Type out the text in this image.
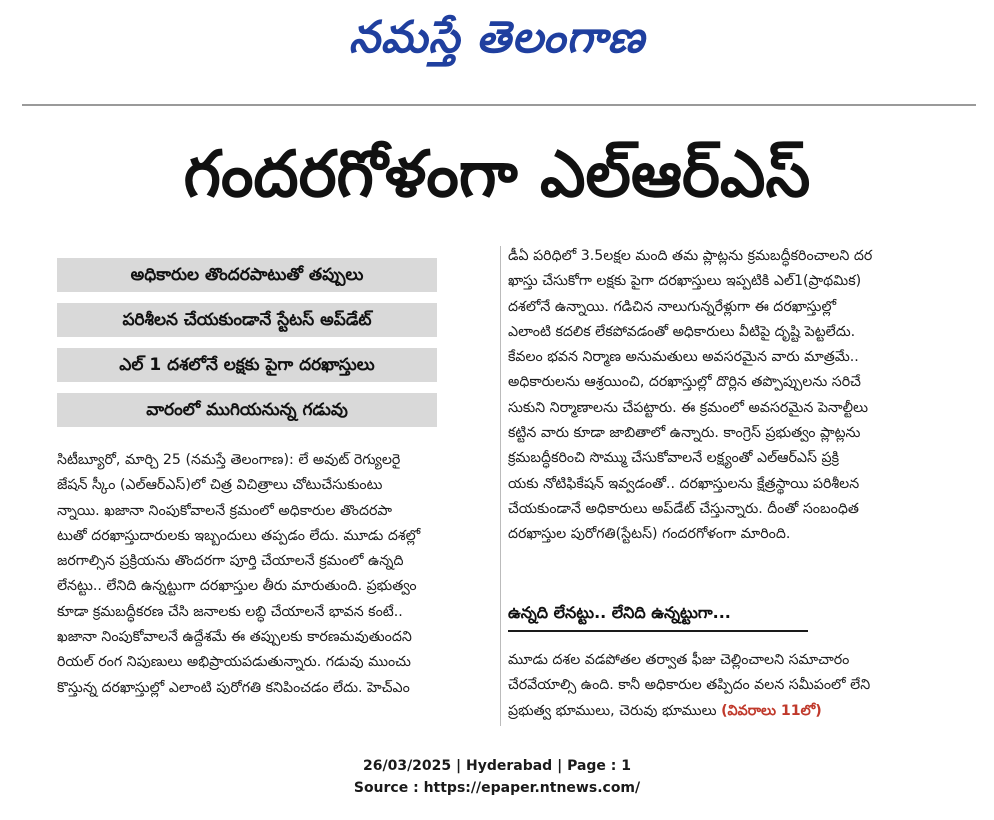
నమస్తే తెలంగాణ
గందరగోళంగా ఎల్‌ఆర్‌ఎస్‌
అధికారుల తొందరపాటుతో తప్పులు
పరిశీలన చేయకుండానే స్టేటస్‌ అప్‌డేట్‌
ఎల్‌ 1 దశలోనే లక్షకు పైగా దరఖాస్తులు
వారంలో ముగియనున్న గడువు
సిటీబ్యూరో, మార్చి 25 (నమస్తే తెలంగాణ): లే అవుట్‌ రెగ్యులరై
జేషన్‌ స్కీం (ఎల్‌ఆర్‌ఎస్‌)లో చిత్ర విచిత్రాలు చోటుచేసుకుంటు
న్నాయి. ఖజానా నింపుకోవాలనే క్రమంలో అధికారుల తొందరపా
టుతో దరఖాస్తుదారులకు ఇబ్బందులు తప్పడం లేదు. మూడు దశల్లో
జరగాల్సిన ప్రక్రియను తొందరగా పూర్తి చేయాలనే క్రమంలో ఉన్నది
లేనట్టు.. లేనిది ఉన్నట్టుగా దరఖాస్తుల తీరు మారుతుంది. ప్రభుత్వం
కూడా క్రమబద్ధీకరణ చేసి జనాలకు లబ్ధి చేయాలనే భావన కంటే..
ఖజానా నింపుకోవాలనే ఉద్దేశమే ఈ తప్పులకు కారణమవుతుందని
రియల్‌ రంగ నిపుణులు అభిప్రాయపడుతున్నారు. గడువు ముంచు
కొస్తున్న దరఖాస్తుల్లో ఎలాంటి పురోగతి కనిపించడం లేదు. హెచ్‌ఎం
డీఏ పరిధిలో 3.5లక్షల మంది తమ ప్లాట్లను క్రమబద్ధీకరించాలని దర
ఖాస్తు చేసుకోగా లక్షకు పైగా దరఖాస్తులు ఇప్పటికి ఎల్‌1(ప్రాథమిక)
దశలోనే ఉన్నాయి. గడిచిన నాలుగున్నరేళ్లుగా ఈ దరఖాస్తుల్లో
ఎలాంటి కదలిక లేకపోవడంతో అధికారులు వీటిపై దృష్టి పెట్టలేదు.
కేవలం భవన నిర్మాణ అనుమతులు అవసరమైన వారు మాత్రమే..
అధికారులను ఆశ్రయించి, దరఖాస్తుల్లో దొర్లిన తప్పొప్పులను సరిచే
సుకుని నిర్మాణాలను చేపట్టారు. ఈ క్రమంలో అవసరమైన పెనాల్టీలు
కట్టిన వారు కూడా జాబితాలో ఉన్నారు. కాంగ్రెస్‌ ప్రభుత్వం ప్లాట్లను
క్రమబద్ధీకరించి సొమ్ము చేసుకోవాలనే లక్ష్యంతో ఎల్‌ఆర్‌ఎస్‌ ప్రక్రి
యకు నోటిఫికేషన్‌ ఇవ్వడంతో.. దరఖాస్తులను క్షేత్రస్థాయి పరిశీలన
చేయకుండానే అధికారులు అప్‌డేట్‌ చేస్తున్నారు. దీంతో సంబంధిత
దరఖాస్తుల పురోగతి(స్టేటస్‌) గందరగోళంగా మారింది.
ఉన్నది లేనట్టు.. లేనిది ఉన్నట్టుగా...
మూడు దశల వడపోతల తర్వాత ఫీజు చెల్లించాలని సమాచారం
చేరవేయాల్సి ఉంది. కానీ అధికారుల తప్పిదం వలన సమీపంలో లేని
ప్రభుత్వ భూములు, చెరువు భూములు (వివరాలు 11లో)
26/03/2025 | Hyderabad | Page : 1
Source : https://epaper.ntnews.com/
